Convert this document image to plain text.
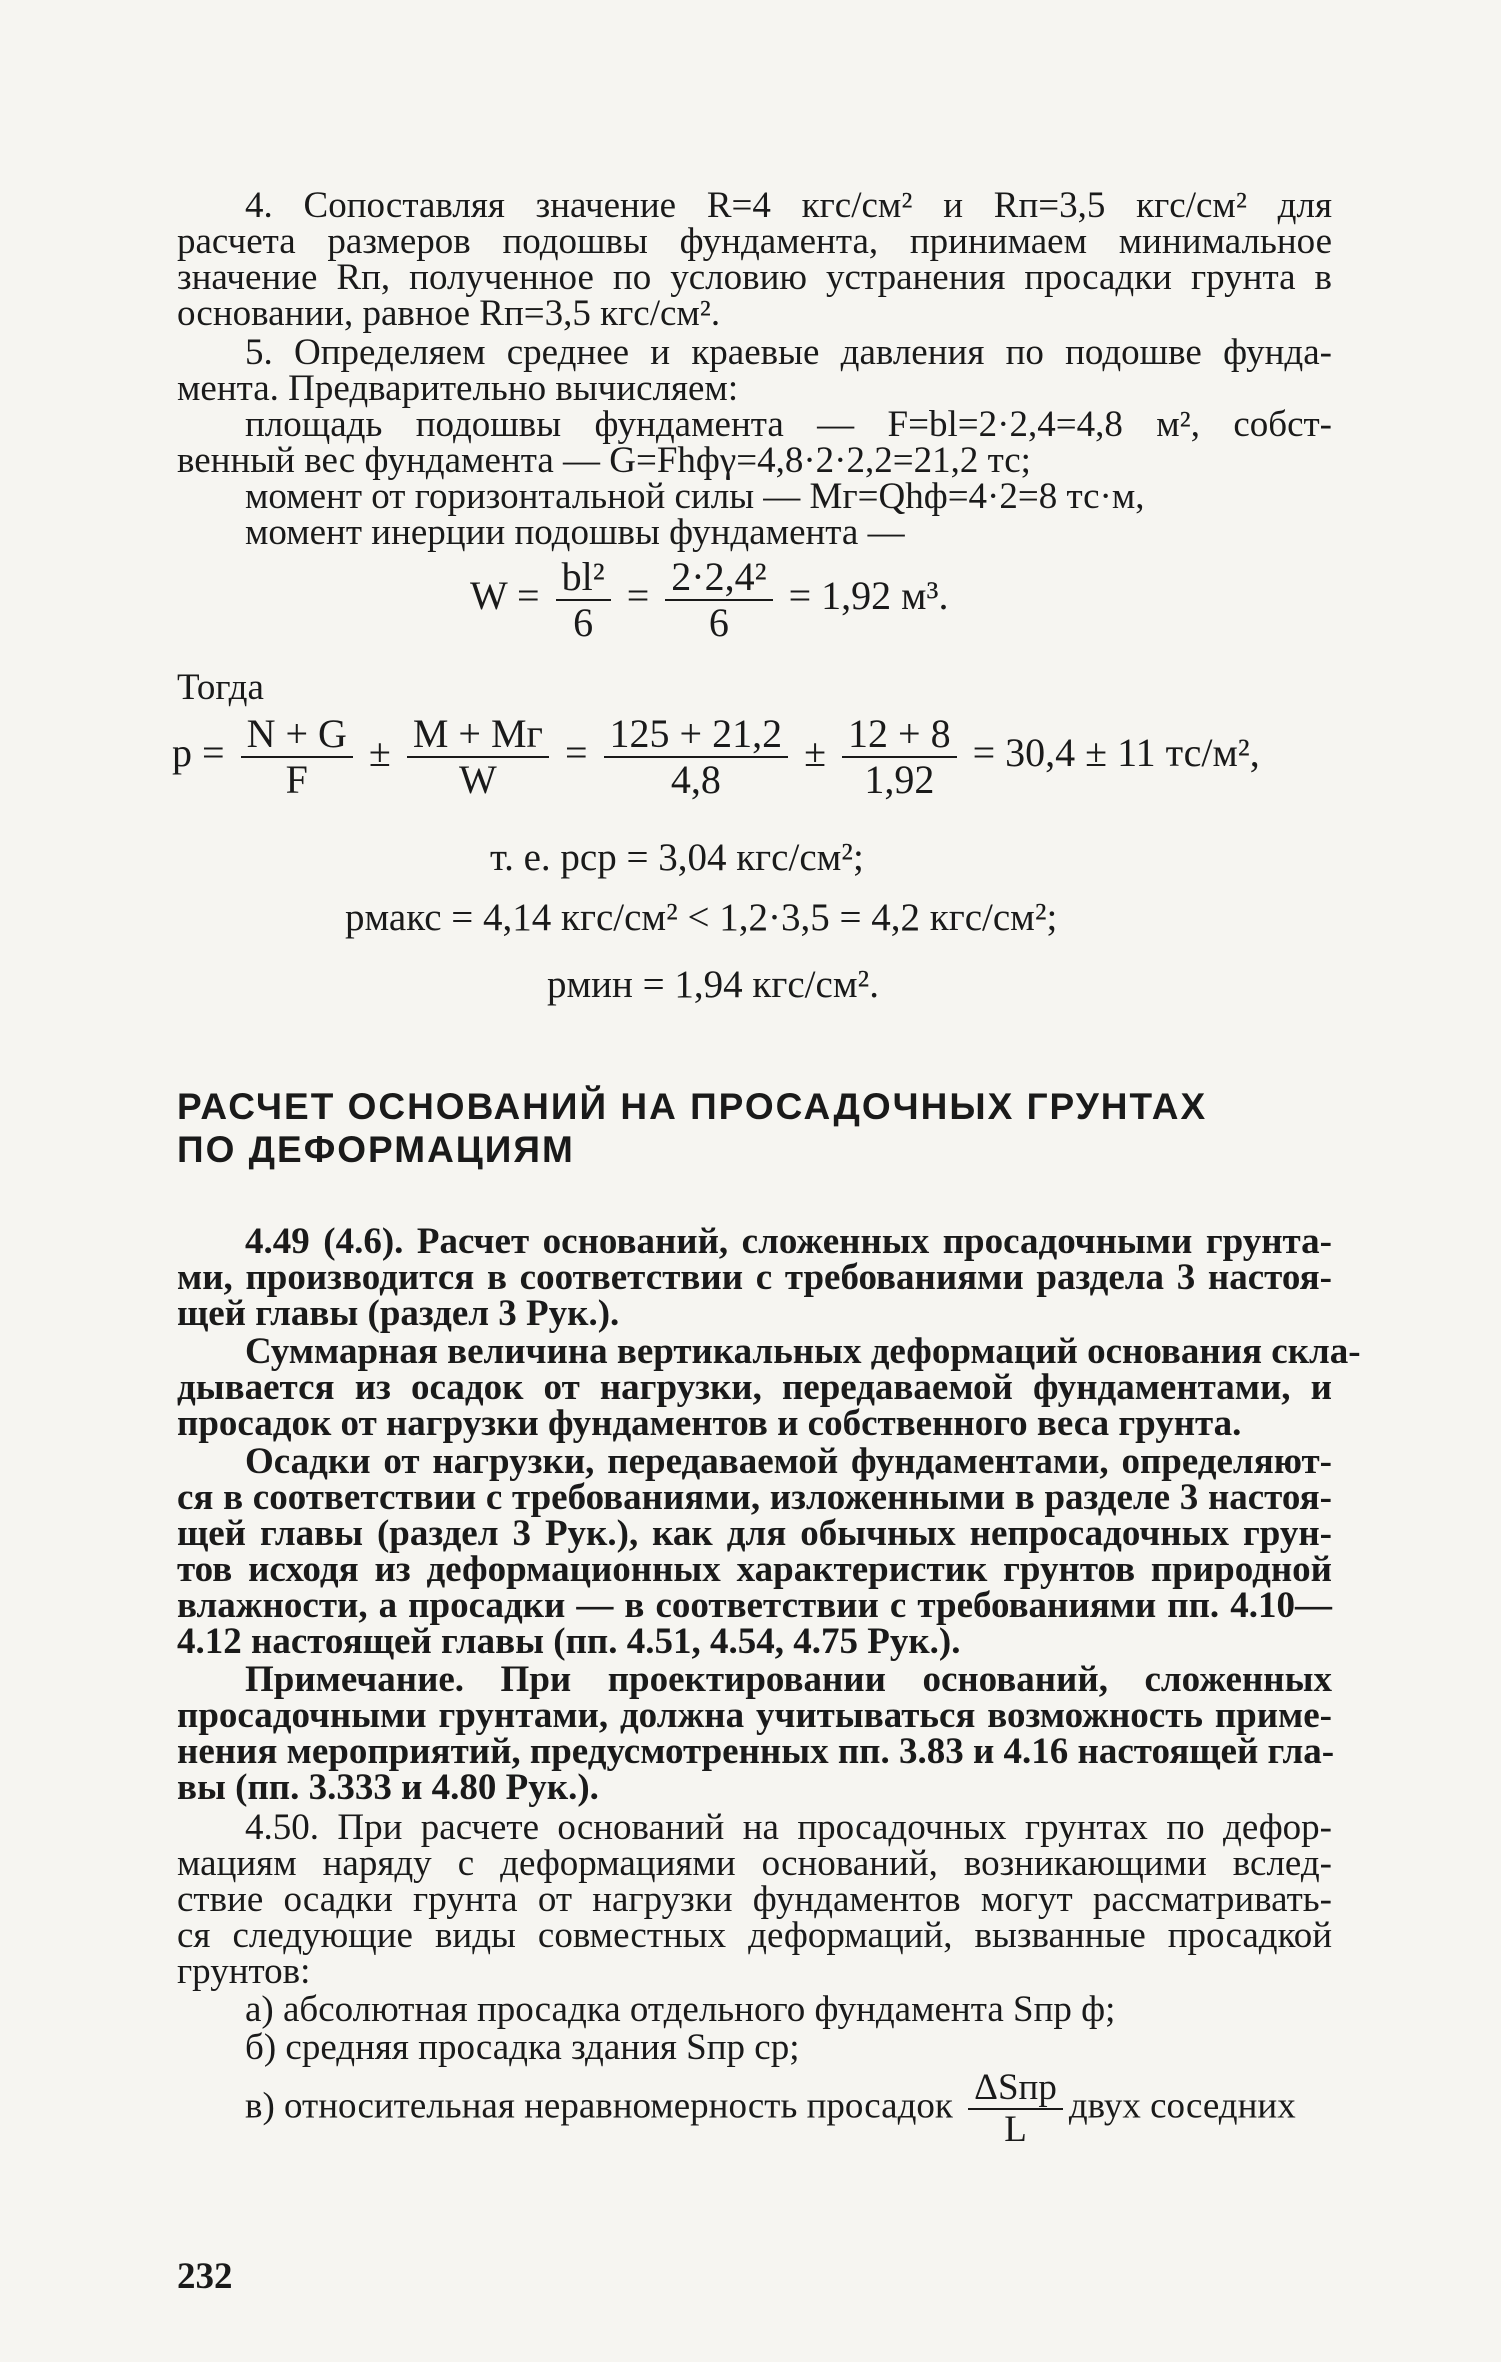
4. Сопоставляя значение R=4 кгс/см² и Rп=3,5 кгс/см² для
расчета размеров подошвы фундамента, принимаем минимальное
значение Rп, полученное по условию устранения просадки грунта в
основании, равное Rп=3,5 кгс/см².
5. Определяем среднее и краевые давления по подошве фунда-
мента. Предварительно вычисляем:
площадь подошвы фундамента — F=bl=2·2,4=4,8 м², собст-
венный вес фундамента — G=Fhфγ=4,8·2·2,2=21,2 тс;
момент от горизонтальной силы — Mг=Qhф=4·2=8 тс·м,
момент инерции подошвы фундамента —
$W = \frac{\text{bl²}}{6} = \frac{\text{2·2,4²}}{6} = 1,92$ м³.
Тогда
$p = \frac{N + G}{F} \pm \frac{M + Mг}{W} = \frac{125 + 21,2}{4,8} \pm \frac{12 + 8}{1,92} = 30,4 \pm 11$ тс/м²,
т. е. pср = 3,04 кгс/см²;
pмакс = 4,14 кгс/см² < 1,2·3,5 = 4,2 кгс/см²;
pмин = 1,94 кгс/см².
РАСЧЕТ ОСНОВАНИЙ НА ПРОСАДОЧНЫХ ГРУНТАХ
ПО ДЕФОРМАЦИЯМ
4.49 (4.6). Расчет оснований, сложенных просадочными грунта-
ми, производится в соответствии с требованиями раздела 3 настоя-
щей главы (раздел 3 Рук.).
Суммарная величина вертикальных деформаций основания скла-
дывается из осадок от нагрузки, передаваемой фундаментами, и
просадок от нагрузки фундаментов и собственного веса грунта.
Осадки от нагрузки, передаваемой фундаментами, определяют-
ся в соответствии с требованиями, изложенными в разделе 3 настоя-
щей главы (раздел 3 Рук.), как для обычных непросадочных грун-
тов исходя из деформационных характеристик грунтов природной
влажности, а просадки — в соответствии с требованиями пп. 4.10—
4.12 настоящей главы (пп. 4.51, 4.54, 4.75 Рук.).
Примечание. При проектировании оснований, сложенных
просадочными грунтами, должна учитываться возможность приме-
нения мероприятий, предусмотренных пп. 3.83 и 4.16 настоящей гла-
вы (пп. 3.333 и 4.80 Рук.).
4.50. При расчете оснований на просадочных грунтах по дефор-
мациям наряду с деформациями оснований, возникающими вслед-
ствие осадки грунта от нагрузки фундаментов могут рассматривать-
ся следующие виды совместных деформаций, вызванные просадкой
грунтов:
а) абсолютная просадка отдельного фундамента Sпр ф;
б) средняя просадка здания Sпр ср;
в) относительная неравномерность просадок $\frac{\text{ΔSпр}}{L}$ двух соседних
232
